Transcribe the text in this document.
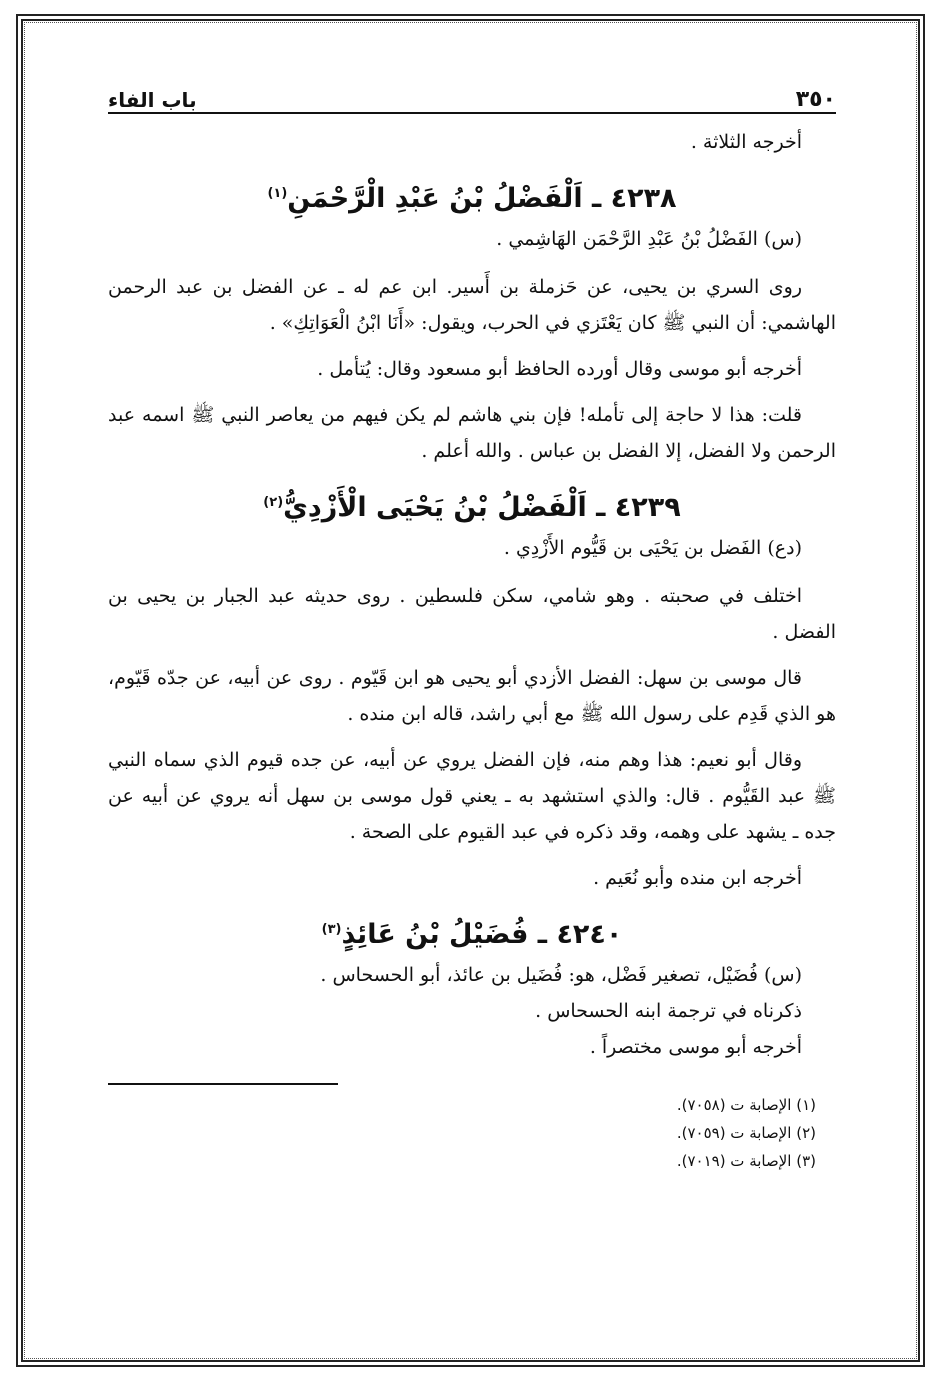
٣٥٠
باب الفاء

أخرجه الثلاثة .

٤٢٣٨ ـ اَلْفَضْلُ بْنُ عَبْدِ الْرَّحْمَنِ$^{(١)}$

(س) الفَضْلُ بْنُ عَبْدِ الرَّحْمَن الهَاشِمي .

روى السري بن يحيى، عن حَزملة بن أَسير. ابن عم له ـ عن الفضل بن عبد الرحمن الهاشمي: أن النبي ﷺ كان يَعْتَزي في الحرب، ويقول: «أَنَا ابْنُ الْعَوَاتِكِ» .

أخرجه أبو موسى وقال أورده الحافظ أبو مسعود وقال: يُتأمل .

قلت: هذا لا حاجة إلى تأمله! فإن بني هاشم لم يكن فيهم من يعاصر النبي ﷺ اسمه عبد الرحمن ولا الفضل، إلا الفضل بن عباس . والله أعلم .

٤٢٣٩ ـ اَلْفَضْلُ بْنُ يَحْيَى الْأَزْدِيُّ$^{(٢)}$

(دع) الفَضل بن يَحْيَى بن قَيُّوم الأَزْدِي .

اختلف في صحبته . وهو شامي، سكن فلسطين . روى حديثه عبد الجبار بن يحيى بن الفضل .

قال موسى بن سهل: الفضل الأزدي أبو يحيى هو ابن قَيّوم . روى عن أبيه، عن جدّه قَيّوم، هو الذي قَدِم على رسول الله ﷺ مع أبي راشد، قاله ابن منده .

وقال أبو نعيم: هذا وهم منه، فإن الفضل يروي عن أبيه، عن جده قيوم الذي سماه النبي ﷺ عبد القَيُّوم . قال: والذي استشهد به ـ يعني قول موسى بن سهل أنه يروي عن أبيه عن جده ـ يشهد على وهمه، وقد ذكره في عبد القيوم على الصحة .

أخرجه ابن منده وأبو نُعَيم .

٤٢٤٠ ـ فُضَيْلُ بْنُ عَائِذٍ$^{(٣)}$

(س) فُضَيْل، تصغير فَضْل، هو: فُضَيل بن عائذ، أبو الحسحاس .

ذكرناه في ترجمة ابنه الحسحاس .

أخرجه أبو موسى مختصراً .

(١) الإصابة ت (٧٠٥٨).

(٢) الإصابة ت (٧٠٥٩).

(٣) الإصابة ت (٧٠١٩).
